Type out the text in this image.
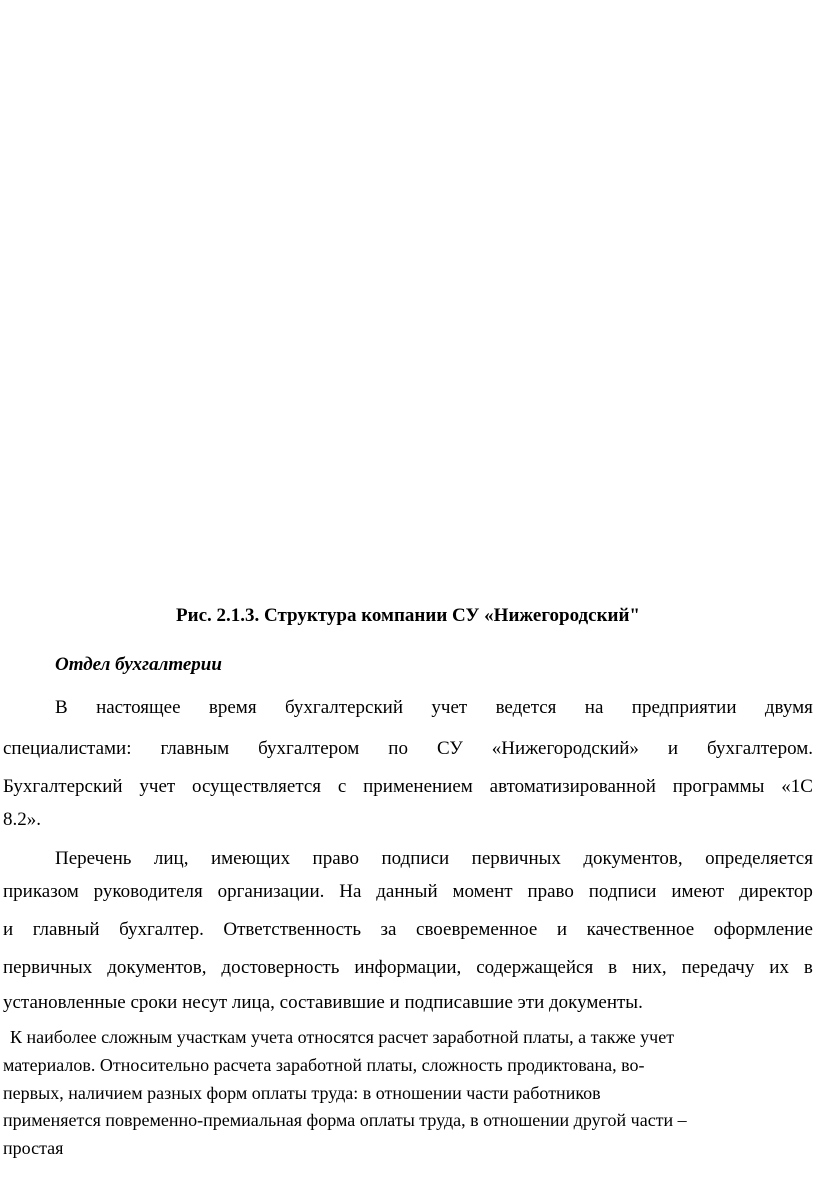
Рис. 2.1.3. Структура компании СУ «Нижегородский"
Отдел бухгалтерии
В настоящее время бухгалтерский учет ведется на предприятии двумя
специалистами: главным бухгалтером по СУ «Нижегородский» и бухгалтером.
Бухгалтерский учет осуществляется с применением автоматизированной программы «1С
8.2».
Перечень лиц, имеющих право подписи первичных документов, определяется
приказом руководителя организации. На данный момент право подписи имеют директор
и главный бухгалтер. Ответственность за своевременное и качественное оформление
первичных документов, достоверность информации, содержащейся в них, передачу их в
установленные сроки несут лица, составившие и подписавшие эти документы.
К наиболее сложным участкам учета относятся расчет заработной платы, а также учет
материалов. Относительно расчета заработной платы, сложность продиктована, во-
первых, наличием разных форм оплаты труда: в отношении части работников
применяется повременно-премиальная форма оплаты труда, в отношении другой части –
простая
